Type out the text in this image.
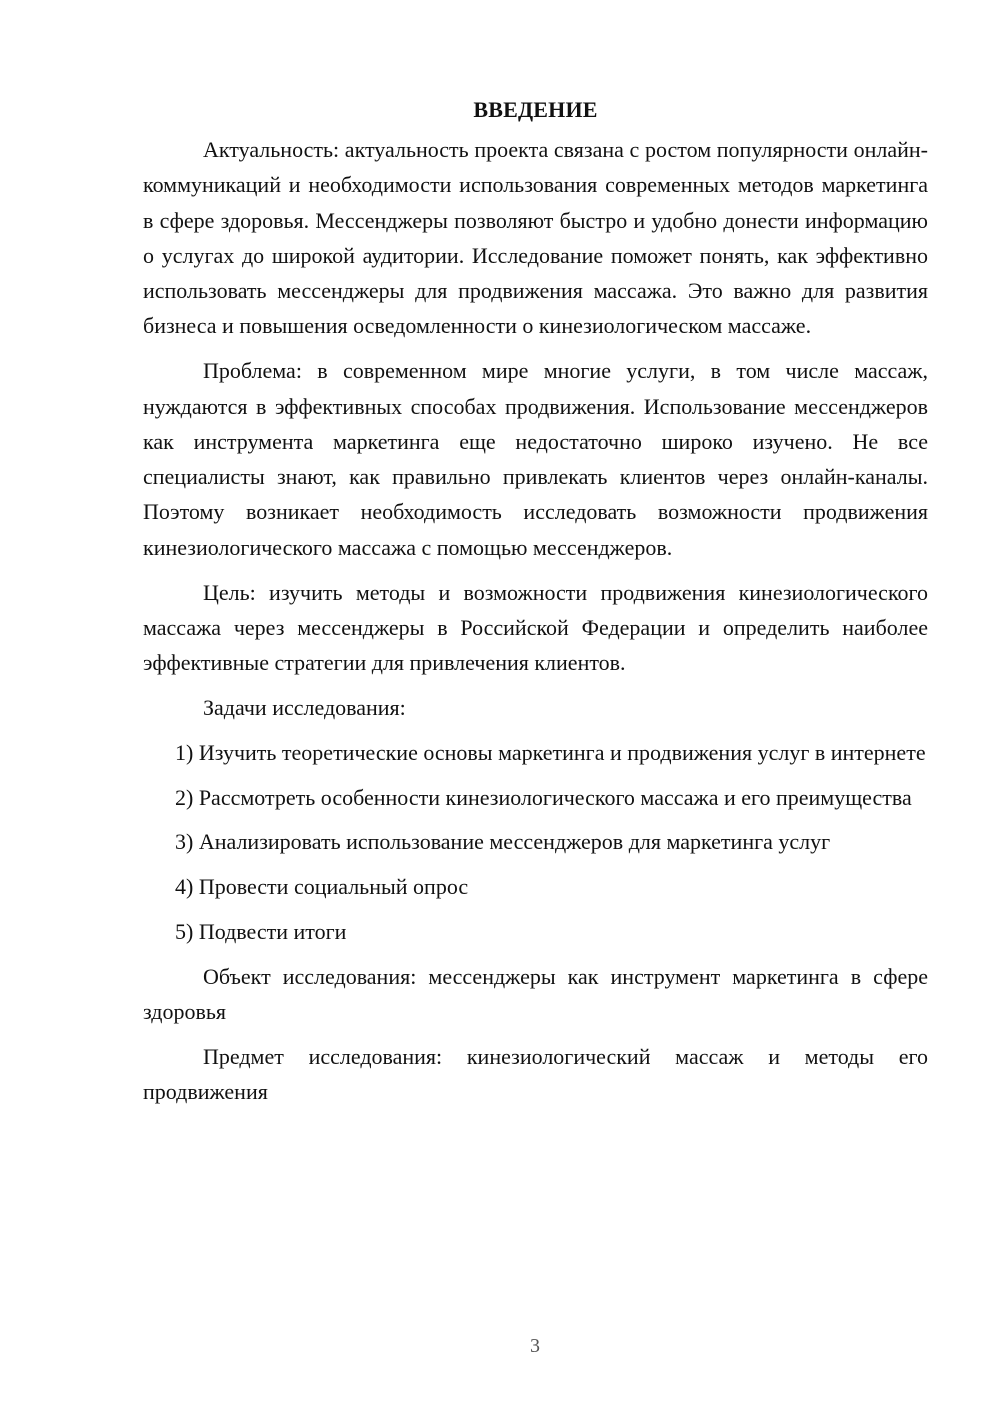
ВВЕДЕНИЕ

Актуальность: актуальность проекта связана с ростом популярности онлайн-коммуникаций и необходимости использования современных методов маркетинга в сфере здоровья. Мессенджеры позволяют быстро и удобно донести информацию о услугах до широкой аудитории. Исследование поможет понять, как эффективно использовать мессенджеры для продвижения массажа. Это важно для развития бизнеса и повышения осведомленности о кинезиологическом массаже.

Проблема: в современном мире многие услуги, в том числе массаж, нуждаются в эффективных способах продвижения. Использование мессенджеров как инструмента маркетинга еще недостаточно широко изучено. Не все специалисты знают, как правильно привлекать клиентов через онлайн-каналы. Поэтому возникает необходимость исследовать возможности продвижения кинезиологического массажа с помощью мессенджеров.

Цель: изучить методы и возможности продвижения кинезиологического массажа через мессенджеры в Российской Федерации и определить наиболее эффективные стратегии для привлечения клиентов.

Задачи исследования:

1) Изучить теоретические основы маркетинга и продвижения услуг в интернете

2) Рассмотреть особенности кинезиологического массажа и его преимущества

3) Анализировать использование мессенджеров для маркетинга услуг

4) Провести социальный опрос

5) Подвести итоги

Объект исследования: мессенджеры как инструмент маркетинга в сфере здоровья

Предмет исследования: кинезиологический массаж и методы его продвижения

3
